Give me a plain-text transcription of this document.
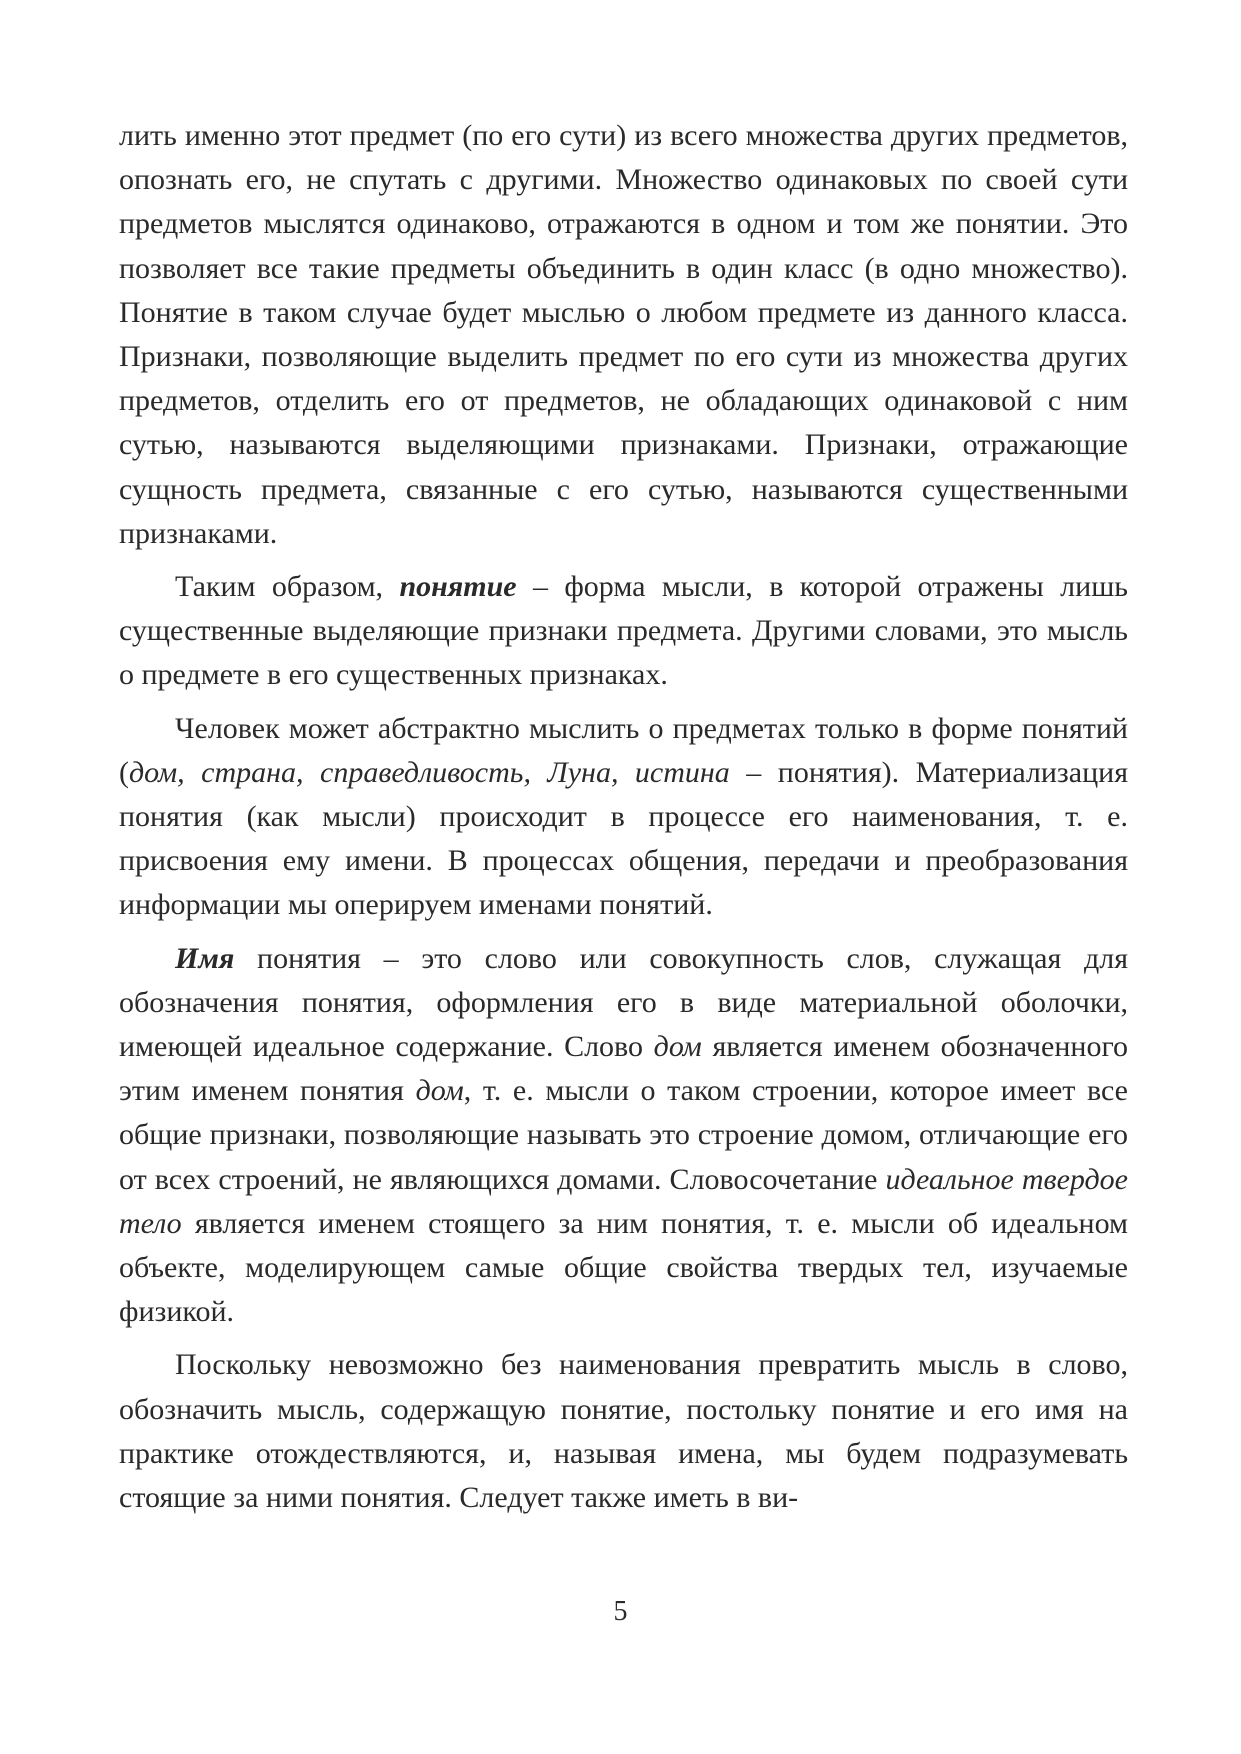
лить именно этот предмет (по его сути) из всего множества других предметов, опознать его, не спутать с другими. Множество одинаковых по своей сути предметов мыслятся одинаково, отражаются в одном и том же понятии. Это позволяет все такие предметы объединить в один класс (в одно множество). Понятие в таком случае будет мыслью о любом предмете из данного класса. Признаки, позволяющие выделить предмет по его сути из множества других предметов, отделить его от предметов, не обладающих одинаковой с ним сутью, называются выделяющими признаками. Признаки, отражающие сущность предмета, связанные с его сутью, называются существенными признаками.

Таким образом, понятие – форма мысли, в которой отражены лишь существенные выделяющие признаки предмета. Другими словами, это мысль о предмете в его существенных признаках.

Человек может абстрактно мыслить о предметах только в форме понятий (дом, страна, справедливость, Луна, истина – понятия). Материализация понятия (как мысли) происходит в процессе его наименования, т. е. присвоения ему имени. В процессах общения, передачи и преобразования информации мы оперируем именами понятий.

Имя понятия – это слово или совокупность слов, служащая для обозначения понятия, оформления его в виде материальной оболочки, имеющей идеальное содержание. Слово дом является именем обозначенного этим именем понятия дом, т. е. мысли о таком строении, которое имеет все общие признаки, позволяющие называть это строение домом, отличающие его от всех строений, не являющихся домами. Словосочетание идеальное твердое тело является именем стоящего за ним понятия, т. е. мысли об идеальном объекте, моделирующем самые общие свойства твердых тел, изучаемые физикой.

Поскольку невозможно без наименования превратить мысль в слово, обозначить мысль, содержащую понятие, постольку понятие и его имя на практике отождествляются, и, называя имена, мы будем подразумевать стоящие за ними понятия. Следует также иметь в ви-

5
